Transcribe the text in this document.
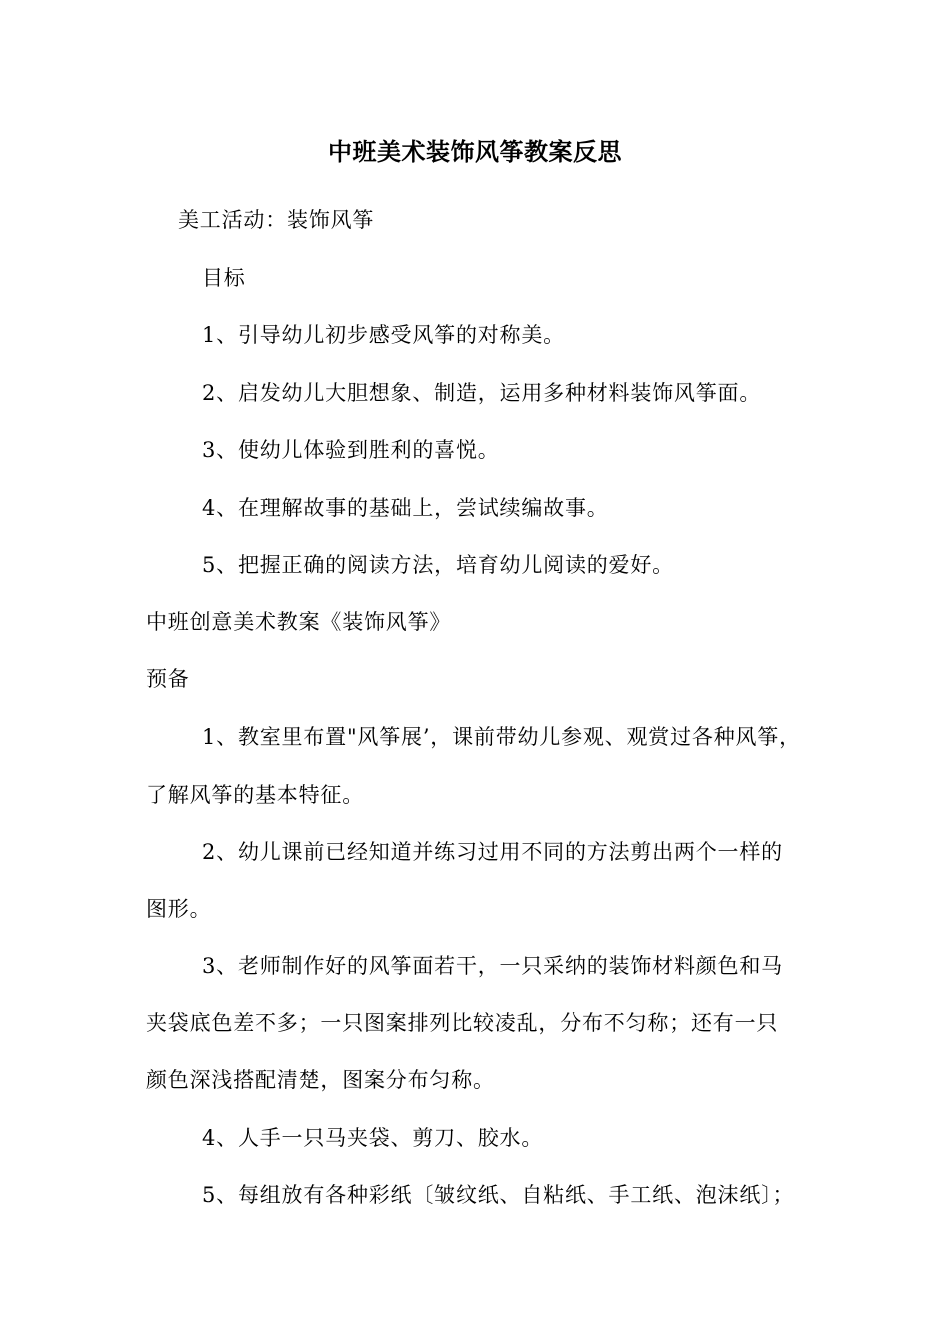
中班美术装饰风筝教案反思
美工活动：装饰风筝
目标
1、引导幼儿初步感受风筝的对称美。
2、启发幼儿大胆想象、制造，运用多种材料装饰风筝面。
3、使幼儿体验到胜利的喜悦。
4、在理解故事的基础上，尝试续编故事。
5、把握正确的阅读方法，培育幼儿阅读的爱好。
中班创意美术教案《装饰风筝》
预备
1、教室里布置"风筝展’，课前带幼儿参观、观赏过各种风筝，
了解风筝的基本特征。
2、幼儿课前已经知道并练习过用不同的方法剪出两个一样的
图形。
3、老师制作好的风筝面若干，一只采纳的装饰材料颜色和马
夹袋底色差不多；一只图案排列比较凌乱，分布不匀称；还有一只
颜色深浅搭配清楚，图案分布匀称。
4、人手一只马夹袋、剪刀、胶水。
5、每组放有各种彩纸〔皱纹纸、自粘纸、手工纸、泡沫纸〕；
